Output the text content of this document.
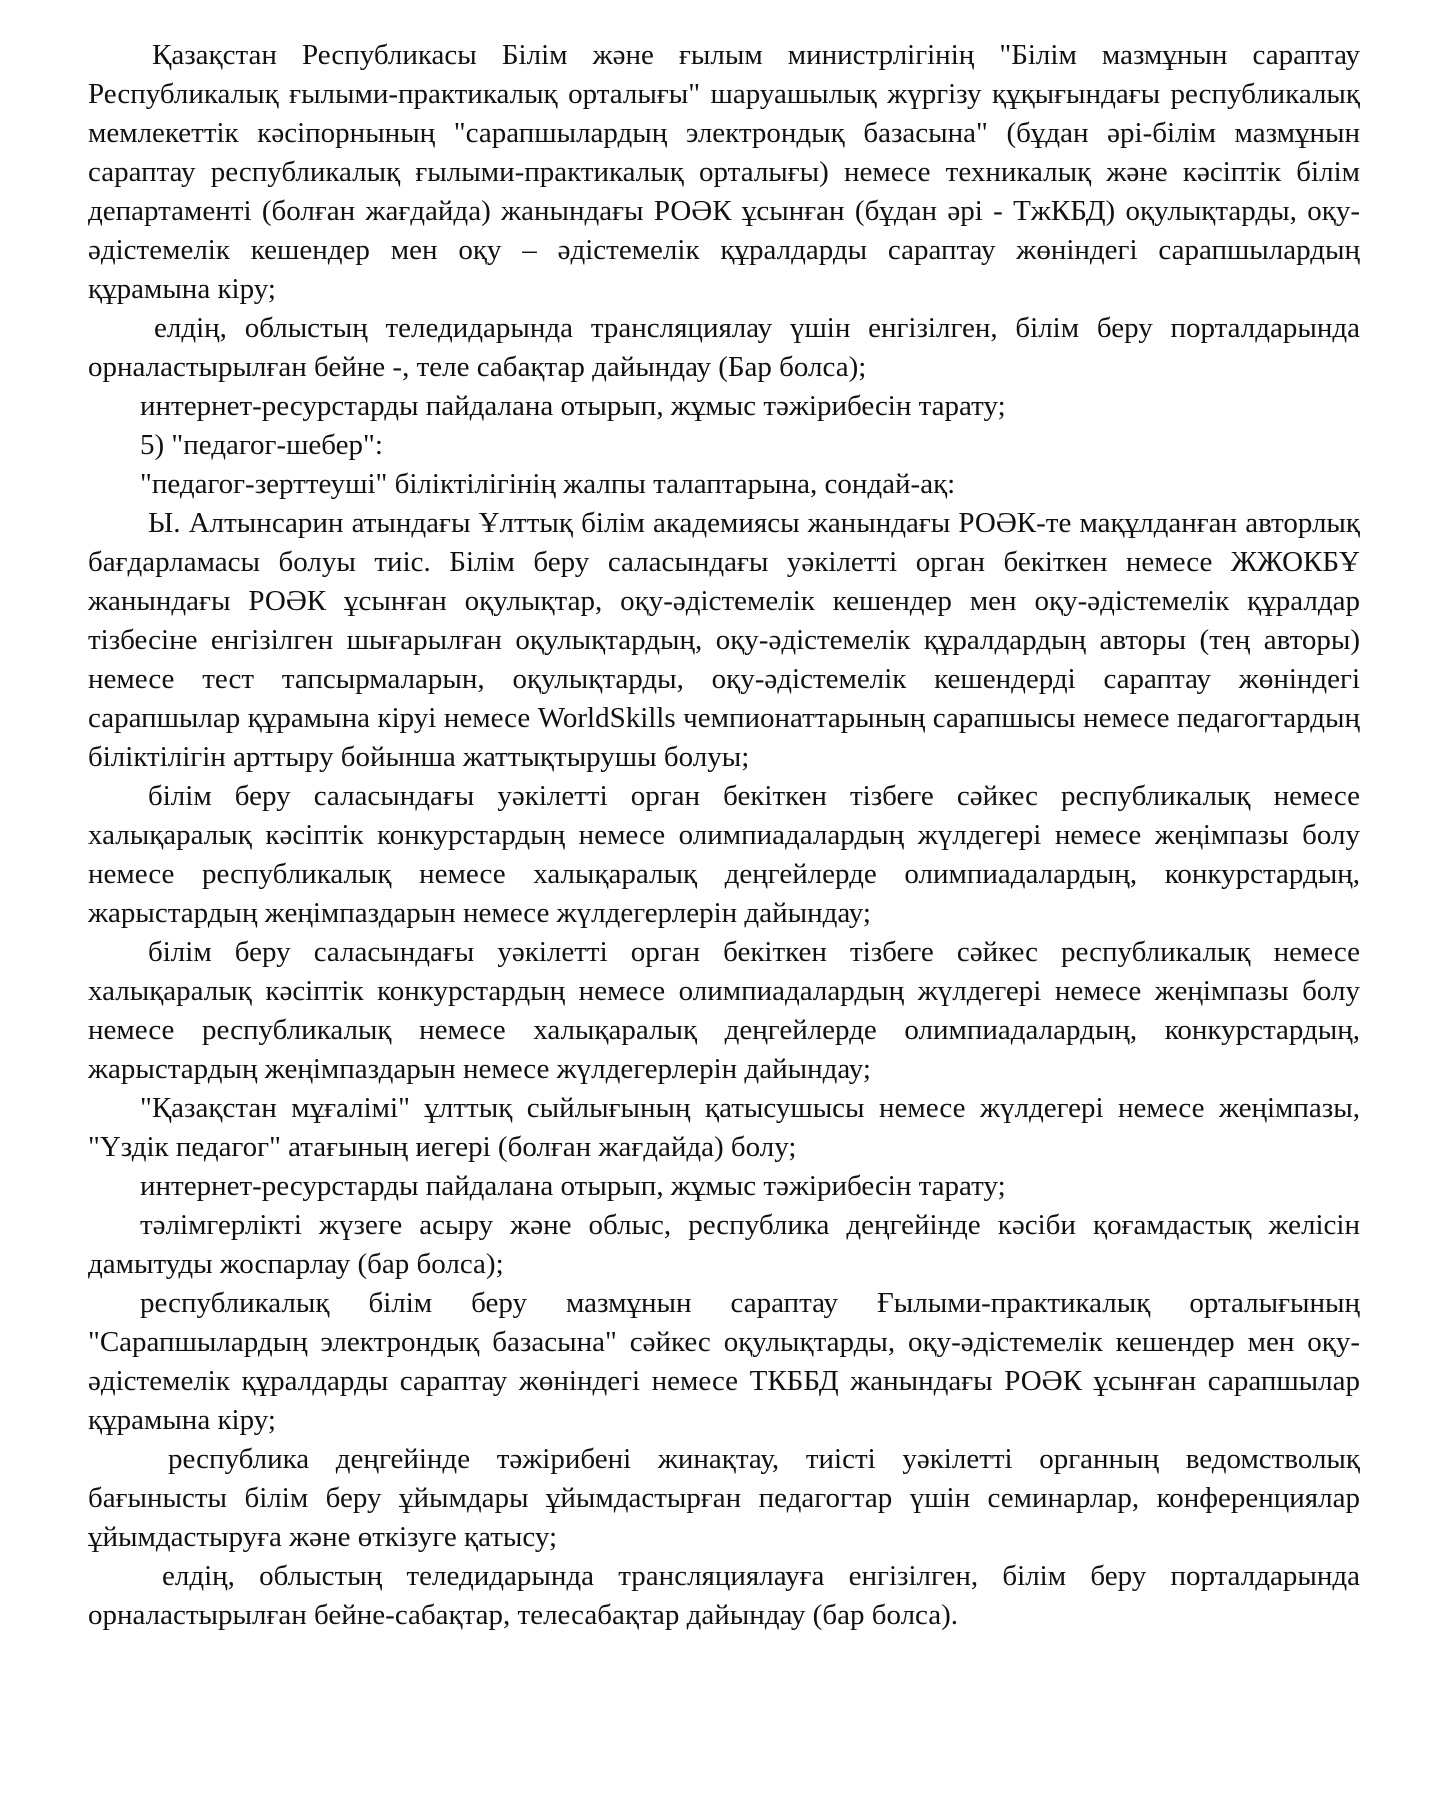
Қазақстан Республикасы Білім және ғылым министрлігінің "Білім мазмұнын сараптау Республикалық ғылыми-практикалық орталығы" шаруашылық жүргізу құқығындағы республикалық мемлекеттік кәсіпорнының "сарапшылардың электрондық базасына" (бұдан әрі-білім мазмұнын сараптау республикалық ғылыми-практикалық орталығы) немесе техникалық және кәсіптік білім департаменті (болған жағдайда) жанындағы РОӘК ұсынған (бұдан әрі - ТжКБД) оқулықтарды, оқу-әдістемелік кешендер мен оқу – әдістемелік құралдарды сараптау жөніндегі сарапшылардың құрамына кіру;

елдің, облыстың теледидарында трансляциялау үшін енгізілген, білім беру порталдарында орналастырылған бейне -, теле сабақтар дайындау (Бар болса);

интернет-ресурстарды пайдалана отырып, жұмыс тәжірибесін тарату;

5) "педагог-шебер":

"педагог-зерттеуші" біліктілігінің жалпы талаптарына, сондай-ақ:

Ы. Алтынсарин атындағы Ұлттық білім академиясы жанындағы РОӘК-те мақұлданған авторлық бағдарламасы болуы тиіс. Білім беру саласындағы уәкілетті орган бекіткен немесе ЖЖОКБҰ жанындағы РОӘК ұсынған оқулықтар, оқу-әдістемелік кешендер мен оқу-әдістемелік құралдар тізбесіне енгізілген шығарылған оқулықтардың, оқу-әдістемелік құралдардың авторы (тең авторы) немесе тест тапсырмаларын, оқулықтарды, оқу-әдістемелік кешендерді сараптау жөніндегі сарапшылар құрамына кіруі немесе WorldSkills чемпионаттарының сарапшысы немесе педагогтардың біліктілігін арттыру бойынша жаттықтырушы болуы;

білім беру саласындағы уәкілетті орган бекіткен тізбеге сәйкес республикалық немесе халықаралық кәсіптік конкурстардың немесе олимпиадалардың жүлдегері немесе жеңімпазы болу немесе республикалық немесе халықаралық деңгейлерде олимпиадалардың, конкурстардың, жарыстардың жеңімпаздарын немесе жүлдегерлерін дайындау;

білім беру саласындағы уәкілетті орган бекіткен тізбеге сәйкес республикалық немесе халықаралық кәсіптік конкурстардың немесе олимпиадалардың жүлдегері немесе жеңімпазы болу немесе республикалық немесе халықаралық деңгейлерде олимпиадалардың, конкурстардың, жарыстардың жеңімпаздарын немесе жүлдегерлерін дайындау;

"Қазақстан мұғалімі" ұлттық сыйлығының қатысушысы немесе жүлдегері немесе жеңімпазы, "Үздік педагог" атағының иегері (болған жағдайда) болу;

интернет-ресурстарды пайдалана отырып, жұмыс тәжірибесін тарату;

тәлімгерлікті жүзеге асыру және облыс, республика деңгейінде кәсіби қоғамдастық желісін дамытуды жоспарлау (бар болса);

республикалық білім беру мазмұнын сараптау Ғылыми-практикалық орталығының "Сарапшылардың электрондық базасына" сәйкес оқулықтарды, оқу-әдістемелік кешендер мен оқу-әдістемелік құралдарды сараптау жөніндегі немесе ТКББД жанындағы РОӘК ұсынған сарапшылар құрамына кіру;

республика деңгейінде тәжірибені жинақтау, тиісті уәкілетті органның ведомстволық бағынысты білім беру ұйымдары ұйымдастырған педагогтар үшін семинарлар, конференциялар ұйымдастыруға және өткізуге қатысу;

елдің, облыстың теледидарында трансляциялауға енгізілген, білім беру порталдарында орналастырылған бейне-сабақтар, телесабақтар дайындау (бар болса).
